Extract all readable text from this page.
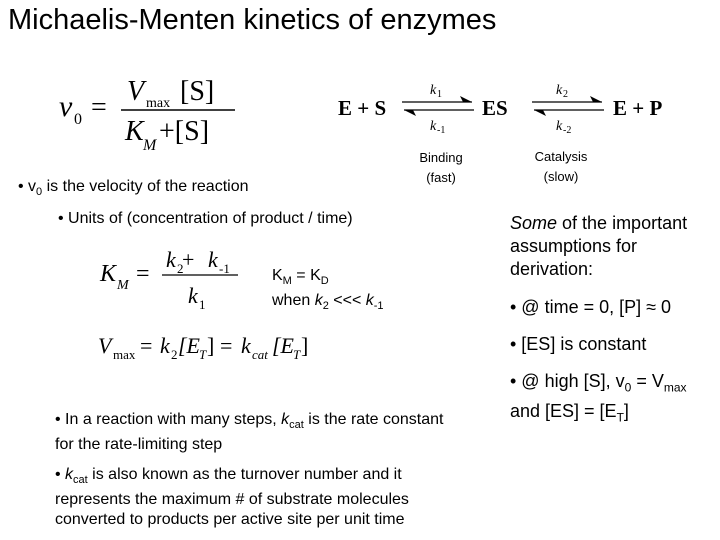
Michaelis-Menten kinetics of enzymes
v 0 =
V max [S]
K M +[S]
E + S	ES	E + P
k 1
k -1
k 2
k -2
Binding
(fast)
Catalysis
(slow)
• $v_0$ is the velocity of the reaction
• Units of (concentration of product / time)
K M =
k 2
+ k -1
k 1
$K_M = K_D$
when $k_2$ <<< $k_{-1}$
V max = k 2 [E T ] = k cat [E T ]
• In a reaction with many steps, $k_{cat}$ is the rate constant
for the rate-limiting step
• $k_{cat}$ is also known as the turnover number and it
represents the maximum # of substrate molecules
converted to products per active site per unit time
Some of the important
assumptions for
derivation:
• @ time = 0, [P] ≈ 0
• [ES] is constant
• @ high [S], $v_0 = V_{max}$
and $[ES] = [E_T]$
